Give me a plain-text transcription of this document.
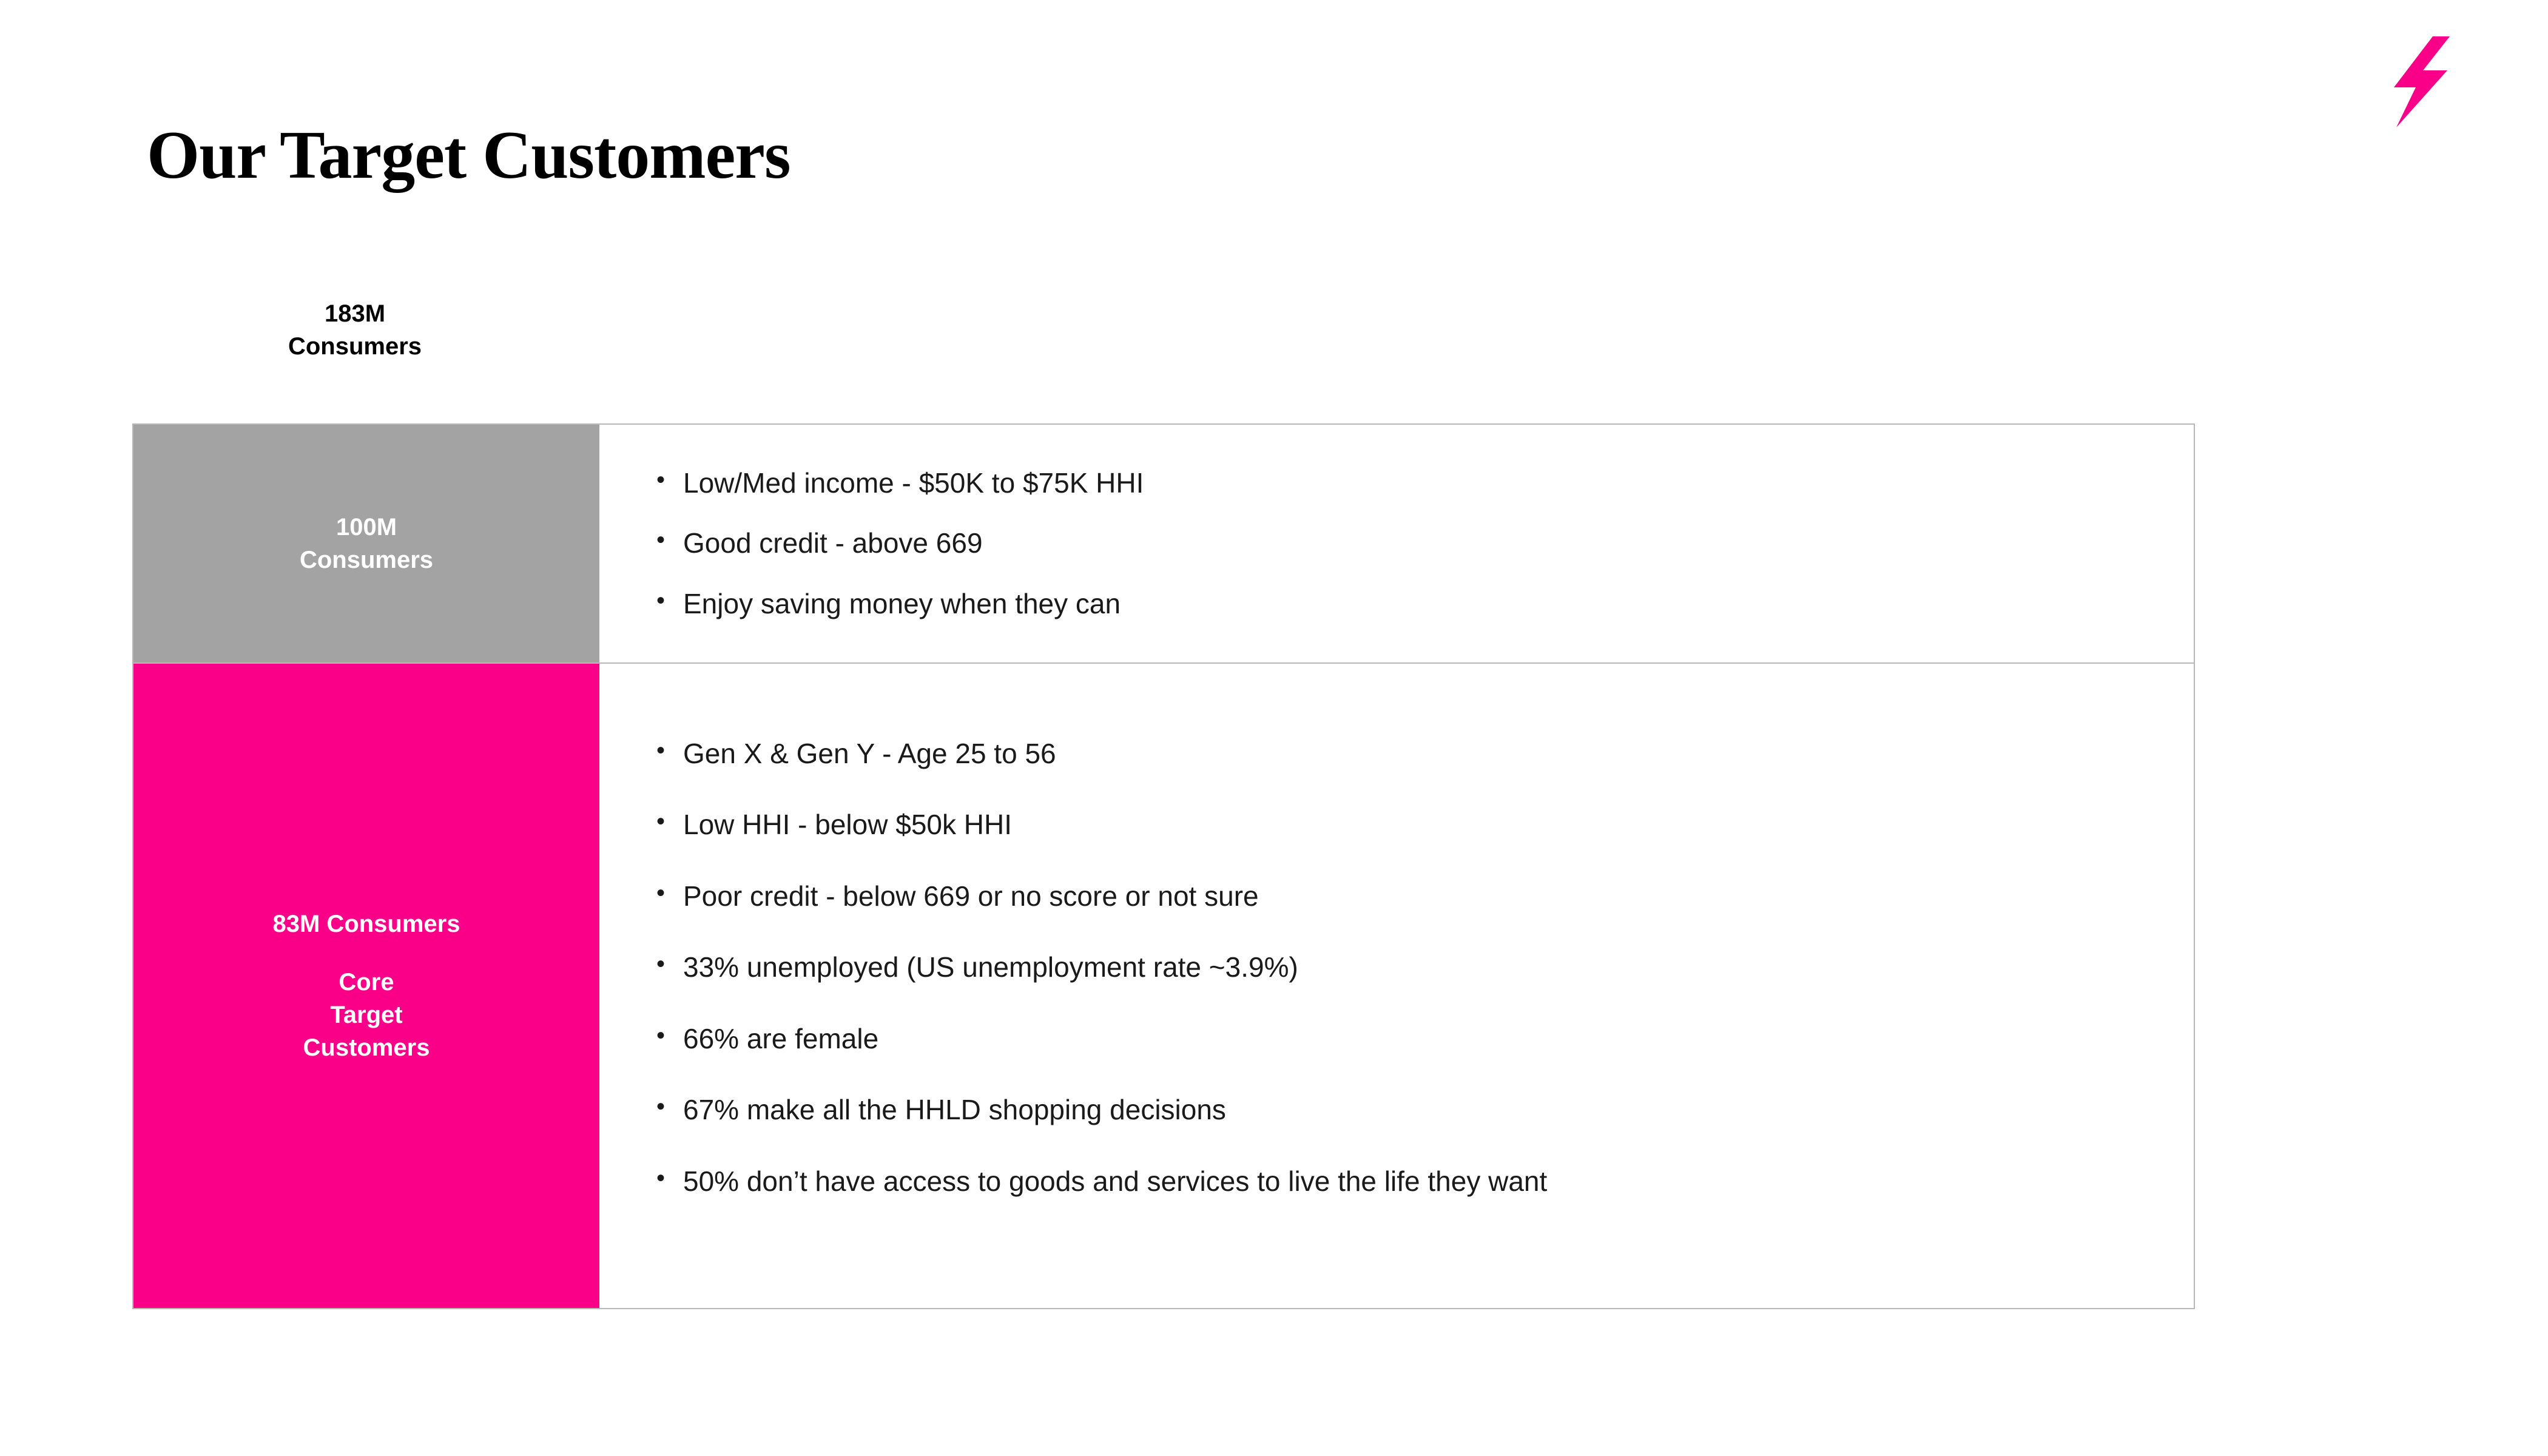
Our Target Customers
183M
Consumers
100M
Consumers
• Low/Med income - $50K to $75K HHI
• Good credit - above 669
• Enjoy saving money when they can
83M Consumers
Core
Target
Customers
• Gen X & Gen Y - Age 25 to 56
• Low HHI - below $50k HHI
• Poor credit - below 669 or no score or not sure
• 33% unemployed (US unemployment rate ~3.9%)
• 66% are female
• 67% make all the HHLD shopping decisions
• 50% don’t have access to goods and services to live the life they want
